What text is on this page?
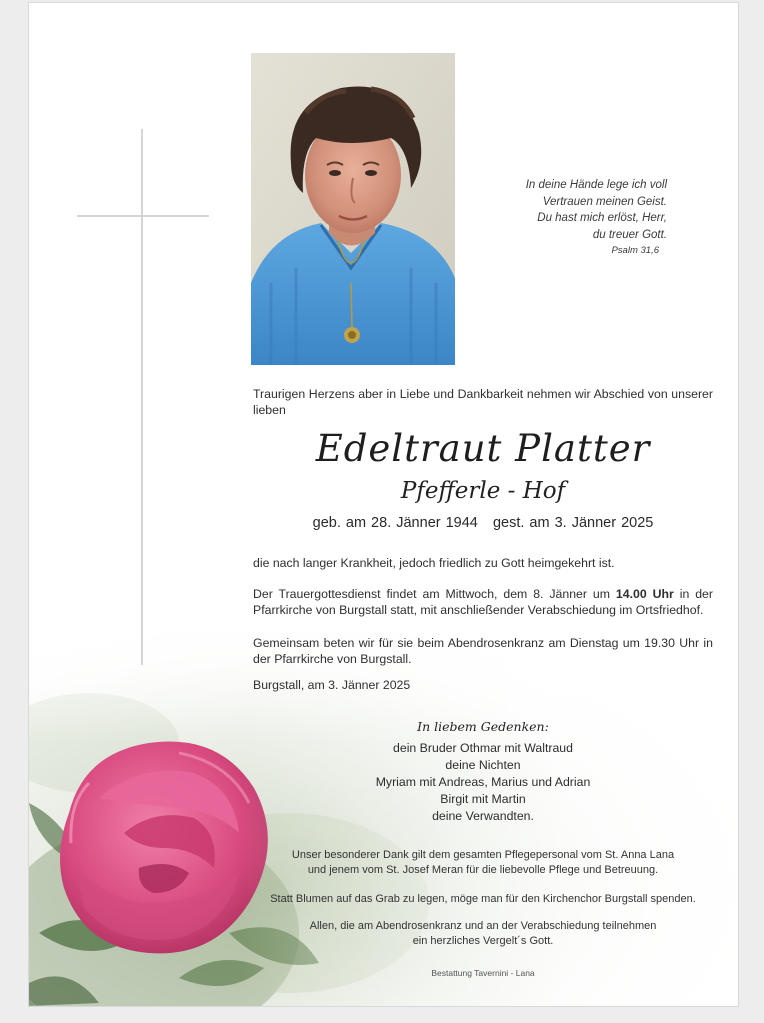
In deine Hände lege ich voll
Vertrauen meinen Geist.
Du hast mich erlöst, Herr,
du treuer Gott.
Psalm 31,6
Traurigen Herzens aber in Liebe und Dankbarkeit nehmen wir Abschied von unserer lieben
Edeltraut Platter
Pfefferle - Hof
geb. am 28. Jänner 1944 gest. am 3. Jänner 2025
die nach langer Krankheit, jedoch friedlich zu Gott heimgekehrt ist.
Der Trauergottesdienst findet am Mittwoch, dem 8. Jänner um 14.00 Uhr in der Pfarrkirche von Burgstall statt, mit anschließender Verabschiedung im Ortsfriedhof.
Gemeinsam beten wir für sie beim Abendrosenkranz am Dienstag um 19.30 Uhr in der Pfarrkirche von Burgstall.
Burgstall, am 3. Jänner 2025
In liebem Gedenken:
dein Bruder Othmar mit Waltraud
deine Nichten
Myriam mit Andreas, Marius und Adrian
Birgit mit Martin
deine Verwandten.
Unser besonderer Dank gilt dem gesamten Pflegepersonal vom St. Anna Lana
und jenem vom St. Josef Meran für die liebevolle Pflege und Betreuung.
Statt Blumen auf das Grab zu legen, möge man für den Kirchenchor Burgstall spenden.
Allen, die am Abendrosenkranz und an der Verabschiedung teilnehmen
ein herzliches Vergelt´s Gott.
Bestattung Tavernini - Lana
